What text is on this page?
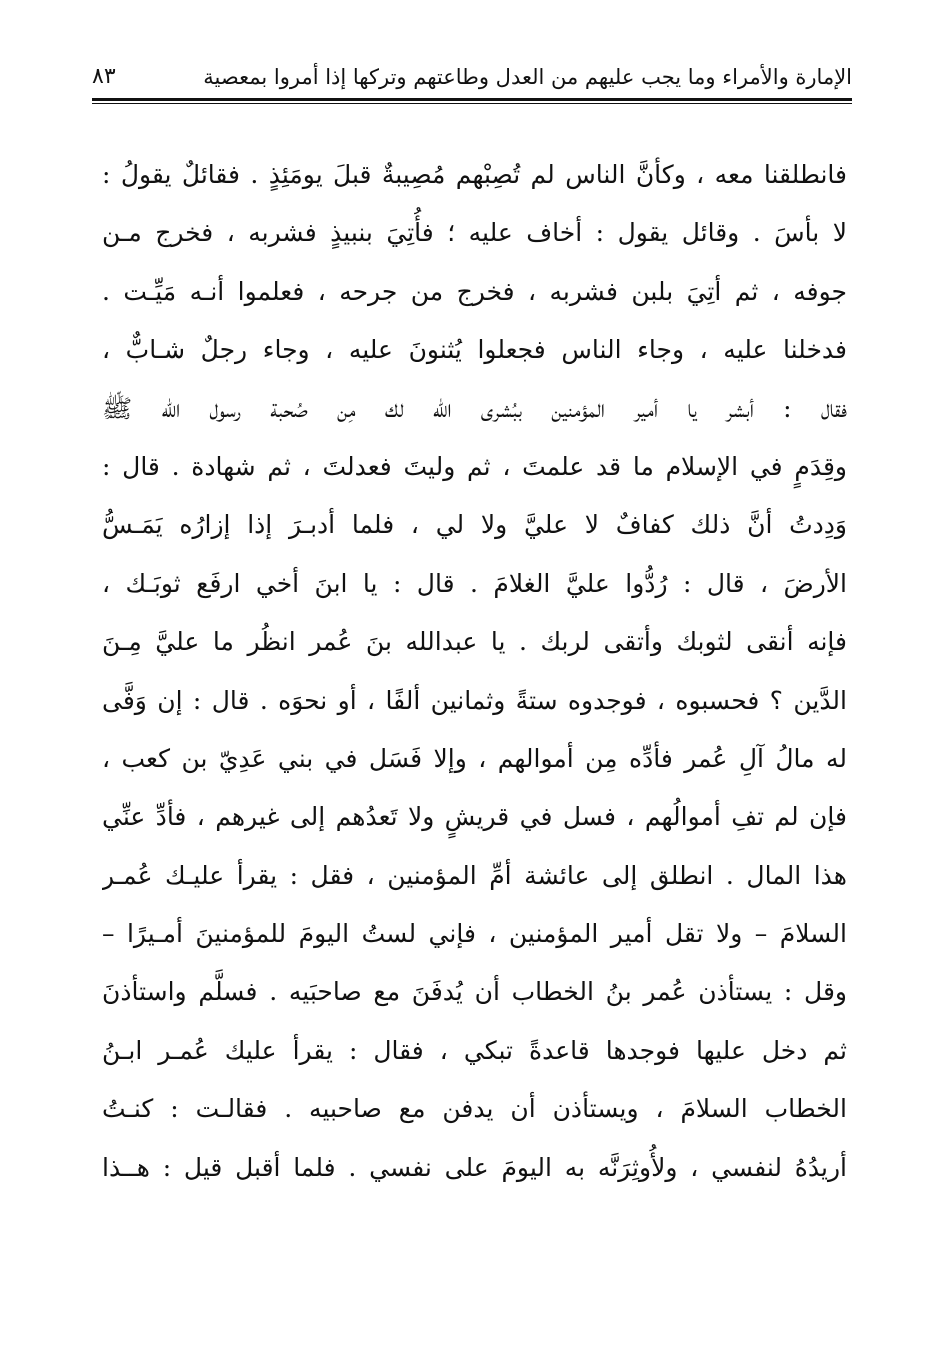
الإمارة والأمراء وما يجب عليهم من العدل وطاعتهم وتركها إذا أمروا بمعصية
٨٣
فانطلقنا معه ، وكأنَّ الناس لم تُصِبْهم مُصِيبةٌ قبلَ يومَئِذٍ . فقائلٌ يقولُ :
لا بأسَ . وقائل يقول : أخاف عليه ؛ فأُتِيَ بنبيذٍ فشربه ، فخرج مـن
جوفه ، ثم أتِيَ بلبن فشربه ، فخرج من جرحه ، فعلموا أنـه مَيِّـت .
فدخلنا عليه ، وجاء الناس فجعلوا يُثنونَ عليه ، وجاء رجلٌ شـابٌّ ،
فقال : أبشر يا أمير المؤمنين ببُشرى الله لك مِن صُحبة رسول الله ﷺ
وقِدَمٍ في الإسلام ما قد علمتَ ، ثم وليتَ فعدلتَ ، ثم شهادة . قال :
وَدِدتُ أنَّ ذلك كفافٌ لا عليَّ ولا لي ، فلما أدبـرَ إذا إزارُه يَمَـسُّ
الأرضَ ، قال : رُدُّوا عليَّ الغلامَ . قال : يا ابنَ أخي ارفَع ثوبَـك ،
فإنه أنقى لثوبك وأتقى لربك . يا عبدالله بنَ عُمر انظُر ما عليَّ مِـنَ
الدَّين ؟ فحسبوه ، فوجدوه ستةً وثمانين ألفًا ، أو نحوَه . قال : إن وَفَّى
له مالُ آلِ عُمر فأدِّه مِن أموالهم ، وإلا فَسَل في بني عَدِيّ بن كعب ،
فإن لم تفِ أموالُهم ، فسل في قريشٍ ولا تَعدُهم إلى غيرهم ، فأدِّ عنِّي
هذا المال . انطلق إلى عائشة أمِّ المؤمنين ، فقل : يقرأ عليـك عُمـر
السلامَ – ولا تقل أمير المؤمنين ، فإني لستُ اليومَ للمؤمنينَ أمـيرًا –
وقل : يستأذن عُمر بنُ الخطاب أن يُدفَنَ مع صاحبَيه . فسلَّم واستأذنَ
ثم دخل عليها فوجدها قاعدةً تبكي ، فقال : يقرأ عليك عُمـر ابـنُ
الخطاب السلامَ ، ويستأذن أن يدفن مع صاحبيه . فقالـت : كنـتُ
أريدُهُ لنفسي ، ولأُوثِرَنَّه به اليومَ على نفسي . فلما أقبل قيل : هــذا
